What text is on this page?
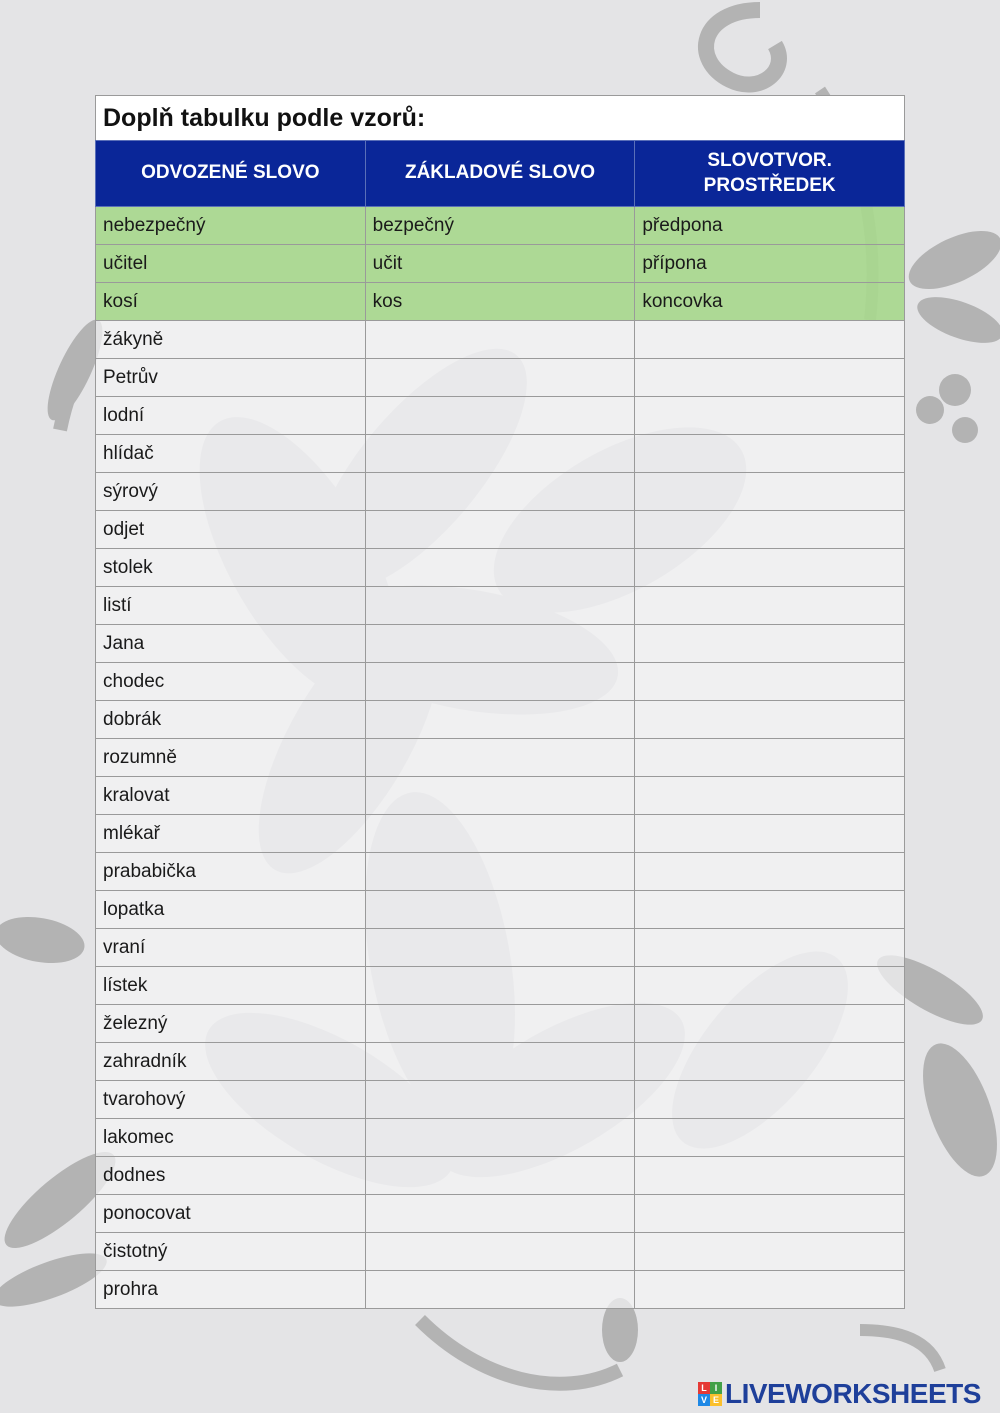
Doplň tabulku podle vzorů:
ODVOZENÉ SLOVO	ZÁKLADOVÉ SLOVO	SLOVOTVOR.
PROSTŘEDEK
nebezpečný	bezpečný	předpona
učitel	učit	přípona
kosí	kos	koncovka
žákyně		
Petrův		
lodní		
hlídač		
sýrový		
odjet		
stolek		
listí		
Jana		
chodec		
dobrák		
rozumně		
kralovat		
mlékař		
prababička		
lopatka		
vraní		
lístek		
železný		
zahradník		
tvarohový		
lakomec		
dodnes		
ponocovat		
čistotný		
prohra		
L I
V E LIVEWORKSHEETS
